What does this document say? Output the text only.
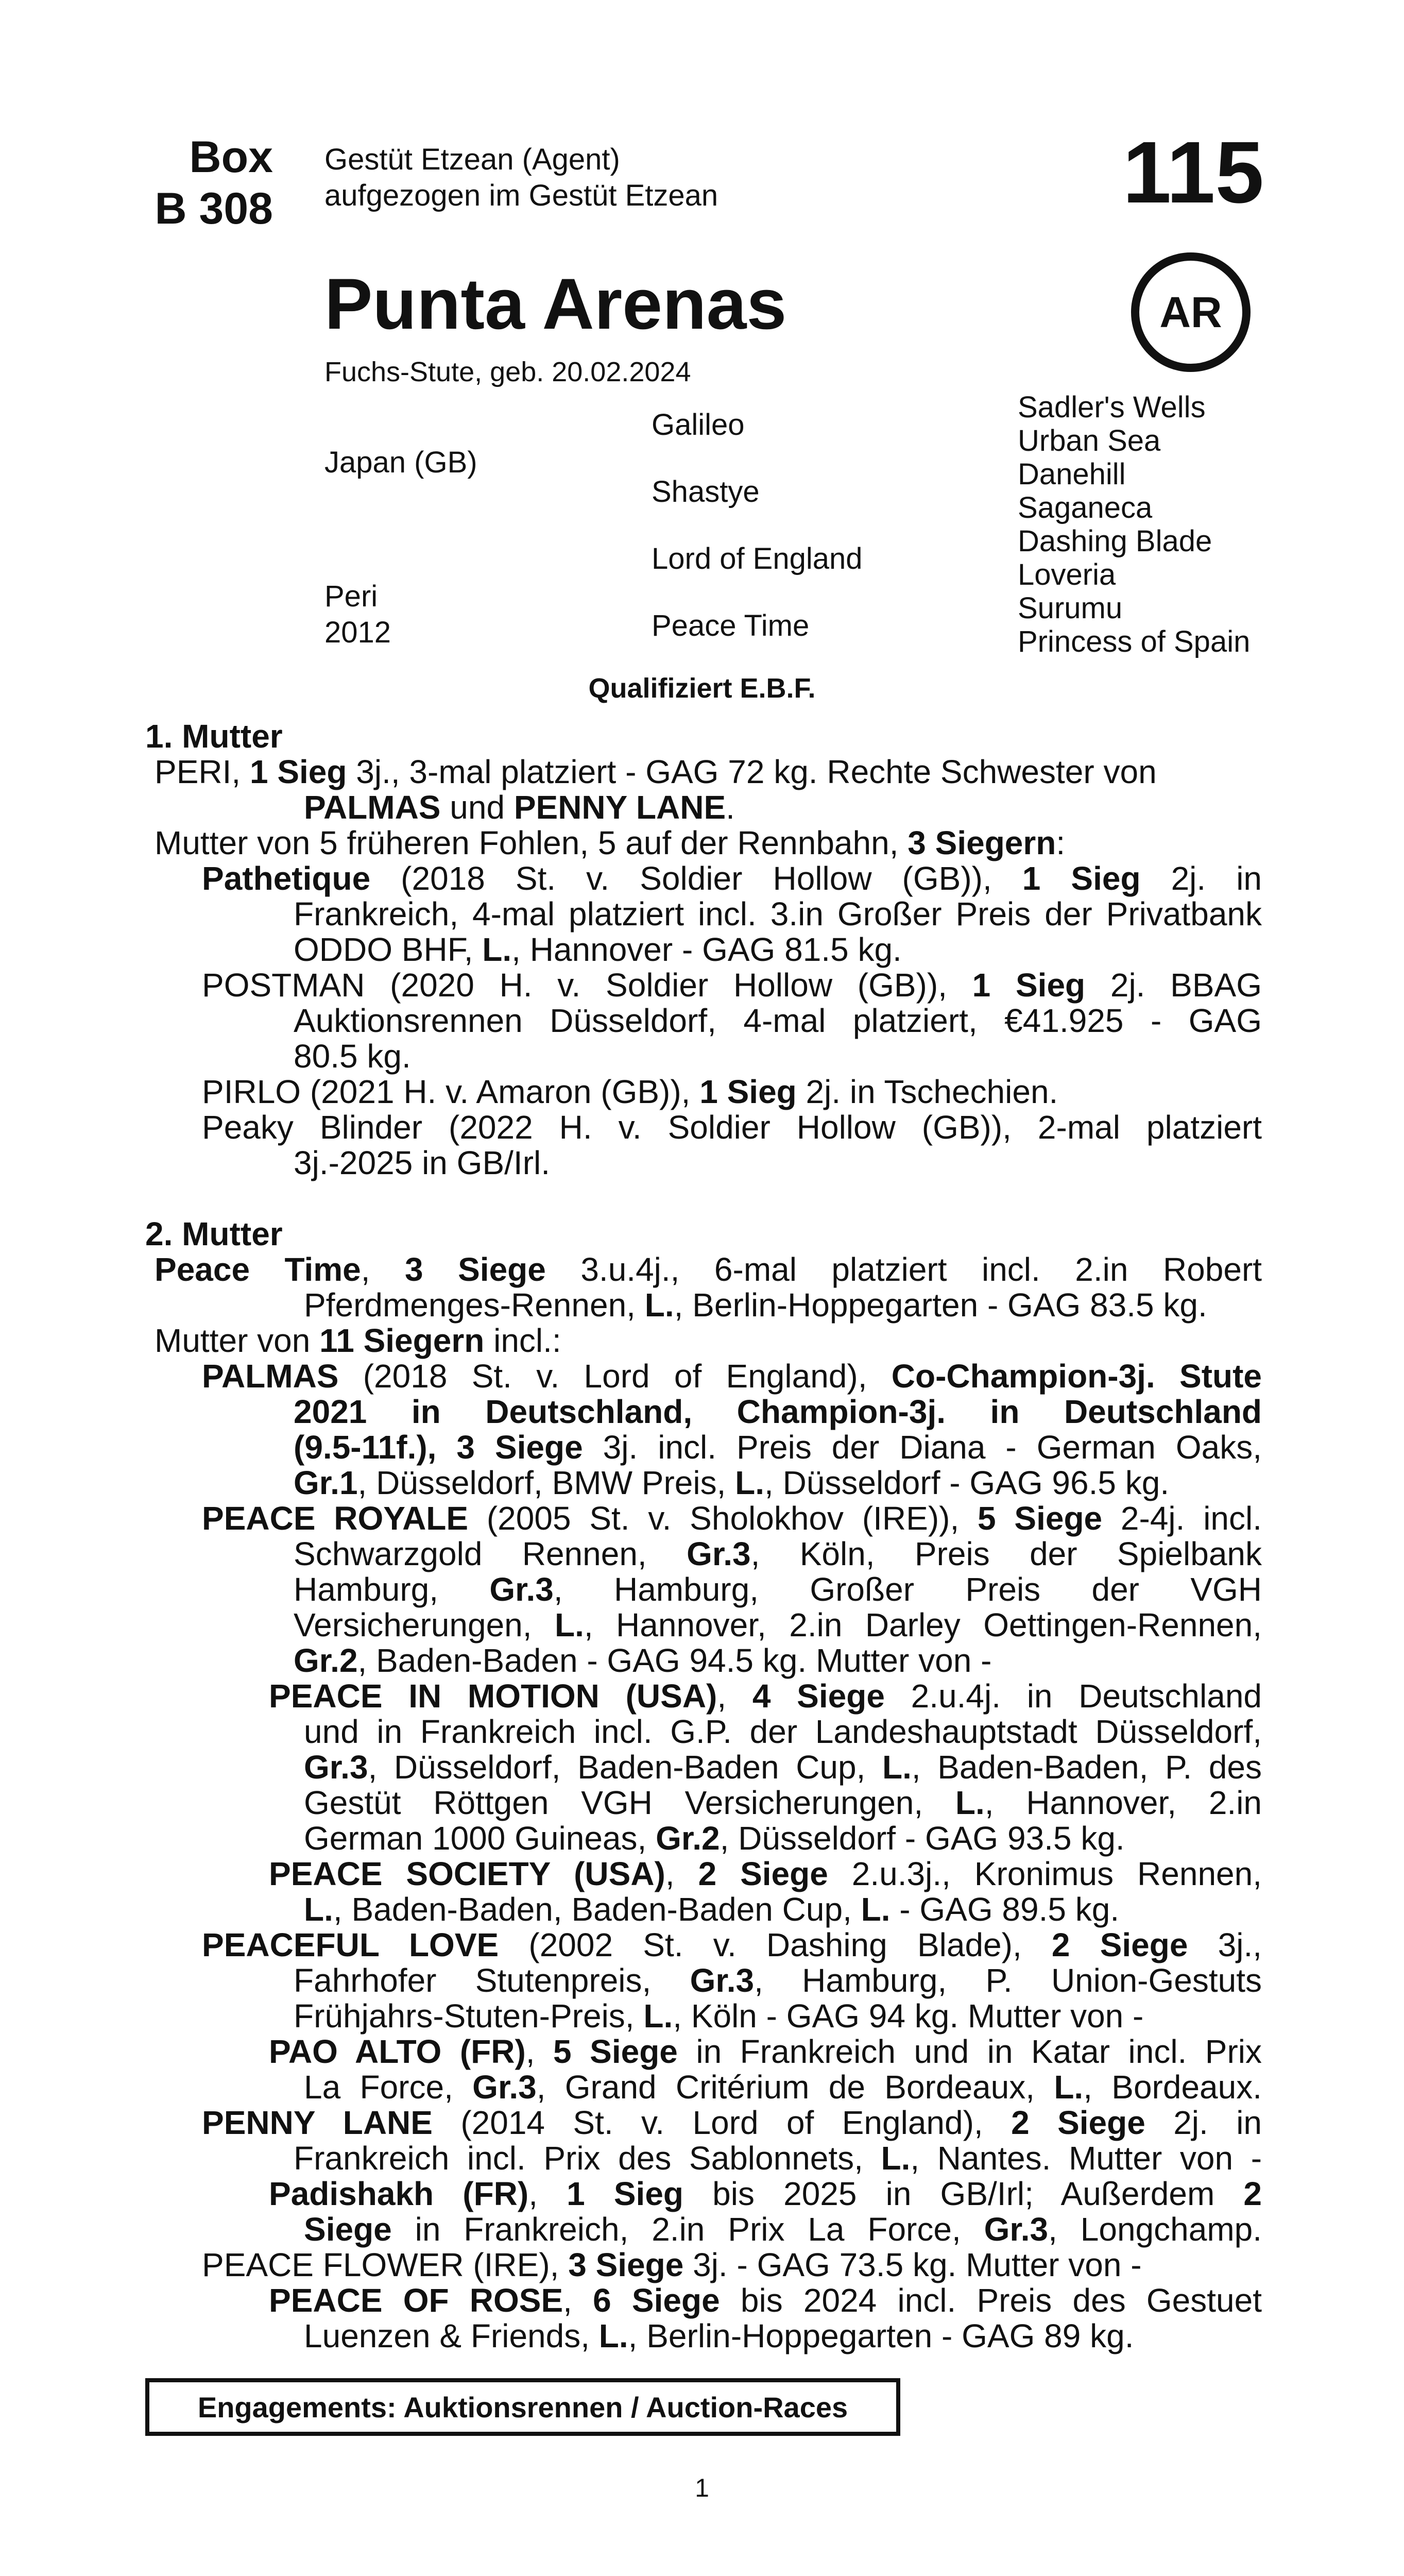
Box
B 308
Gestüt Etzean (Agent)
aufgezogen im Gestüt Etzean	115
AR
Punta Arenas
Fuchs-Stute, geb. 20.02.2024
Japan (GB)
Peri
2012
Galileo
Shastye
Lord of England
Peace Time
Sadler's Wells
Urban Sea
Danehill
Saganeca
Dashing Blade
Loveria
Surumu
Princess of Spain
Qualifiziert E.B.F.
1. Mutter
PERI, 1 Sieg 3j., 3-mal platziert - GAG 72 kg. Rechte Schwester von
PALMAS und PENNY LANE.
Mutter von 5 früheren Fohlen, 5 auf der Rennbahn, 3 Siegern:
Pathetique (2018 St. v. Soldier Hollow (GB)), 1 Sieg 2j. in
Frankreich, 4-mal platziert incl. 3.in Großer Preis der Privatbank
ODDO BHF, L., Hannover - GAG 81.5 kg.
POSTMAN (2020 H. v. Soldier Hollow (GB)), 1 Sieg 2j. BBAG
Auktionsrennen Düsseldorf, 4-mal platziert, €41.925 - GAG
80.5 kg.
PIRLO (2021 H. v. Amaron (GB)), 1 Sieg 2j. in Tschechien.
Peaky Blinder (2022 H. v. Soldier Hollow (GB)), 2-mal platziert
3j.-2025 in GB/Irl.
2. Mutter
Peace Time, 3 Siege 3.u.4j., 6-mal platziert incl. 2.in Robert
Pferdmenges-Rennen, L., Berlin-Hoppegarten - GAG 83.5 kg.
Mutter von 11 Siegern incl.:
PALMAS (2018 St. v. Lord of England), Co-Champion-3j. Stute
2021 in Deutschland, Champion-3j. in Deutschland
(9.5-11f.), 3 Siege 3j. incl. Preis der Diana - German Oaks,
Gr.1, Düsseldorf, BMW Preis, L., Düsseldorf - GAG 96.5 kg.
PEACE ROYALE (2005 St. v. Sholokhov (IRE)), 5 Siege 2-4j. incl.
Schwarzgold Rennen, Gr.3, Köln, Preis der Spielbank
Hamburg, Gr.3, Hamburg, Großer Preis der VGH
Versicherungen, L., Hannover, 2.in Darley Oettingen-Rennen,
Gr.2, Baden-Baden - GAG 94.5 kg. Mutter von -
PEACE IN MOTION (USA), 4 Siege 2.u.4j. in Deutschland
und in Frankreich incl. G.P. der Landeshauptstadt Düsseldorf,
Gr.3, Düsseldorf, Baden-Baden Cup, L., Baden-Baden, P. des
Gestüt Röttgen VGH Versicherungen, L., Hannover, 2.in
German 1000 Guineas, Gr.2, Düsseldorf - GAG 93.5 kg.
PEACE SOCIETY (USA), 2 Siege 2.u.3j., Kronimus Rennen,
L., Baden-Baden, Baden-Baden Cup, L. - GAG 89.5 kg.
PEACEFUL LOVE (2002 St. v. Dashing Blade), 2 Siege 3j.,
Fahrhofer Stutenpreis, Gr.3, Hamburg, P. Union-Gestuts
Frühjahrs-Stuten-Preis, L., Köln - GAG 94 kg. Mutter von -
PAO ALTO (FR), 5 Siege in Frankreich und in Katar incl. Prix
La Force, Gr.3, Grand Critérium de Bordeaux, L., Bordeaux.
PENNY LANE (2014 St. v. Lord of England), 2 Siege 2j. in
Frankreich incl. Prix des Sablonnets, L., Nantes. Mutter von -
Padishakh (FR), 1 Sieg bis 2025 in GB/Irl; Außerdem 2
Siege in Frankreich, 2.in Prix La Force, Gr.3, Longchamp.
PEACE FLOWER (IRE), 3 Siege 3j. - GAG 73.5 kg. Mutter von -
PEACE OF ROSE, 6 Siege bis 2024 incl. Preis des Gestuet
Luenzen & Friends, L., Berlin-Hoppegarten - GAG 89 kg.
Engagements: Auktionsrennen / Auction-Races
1
